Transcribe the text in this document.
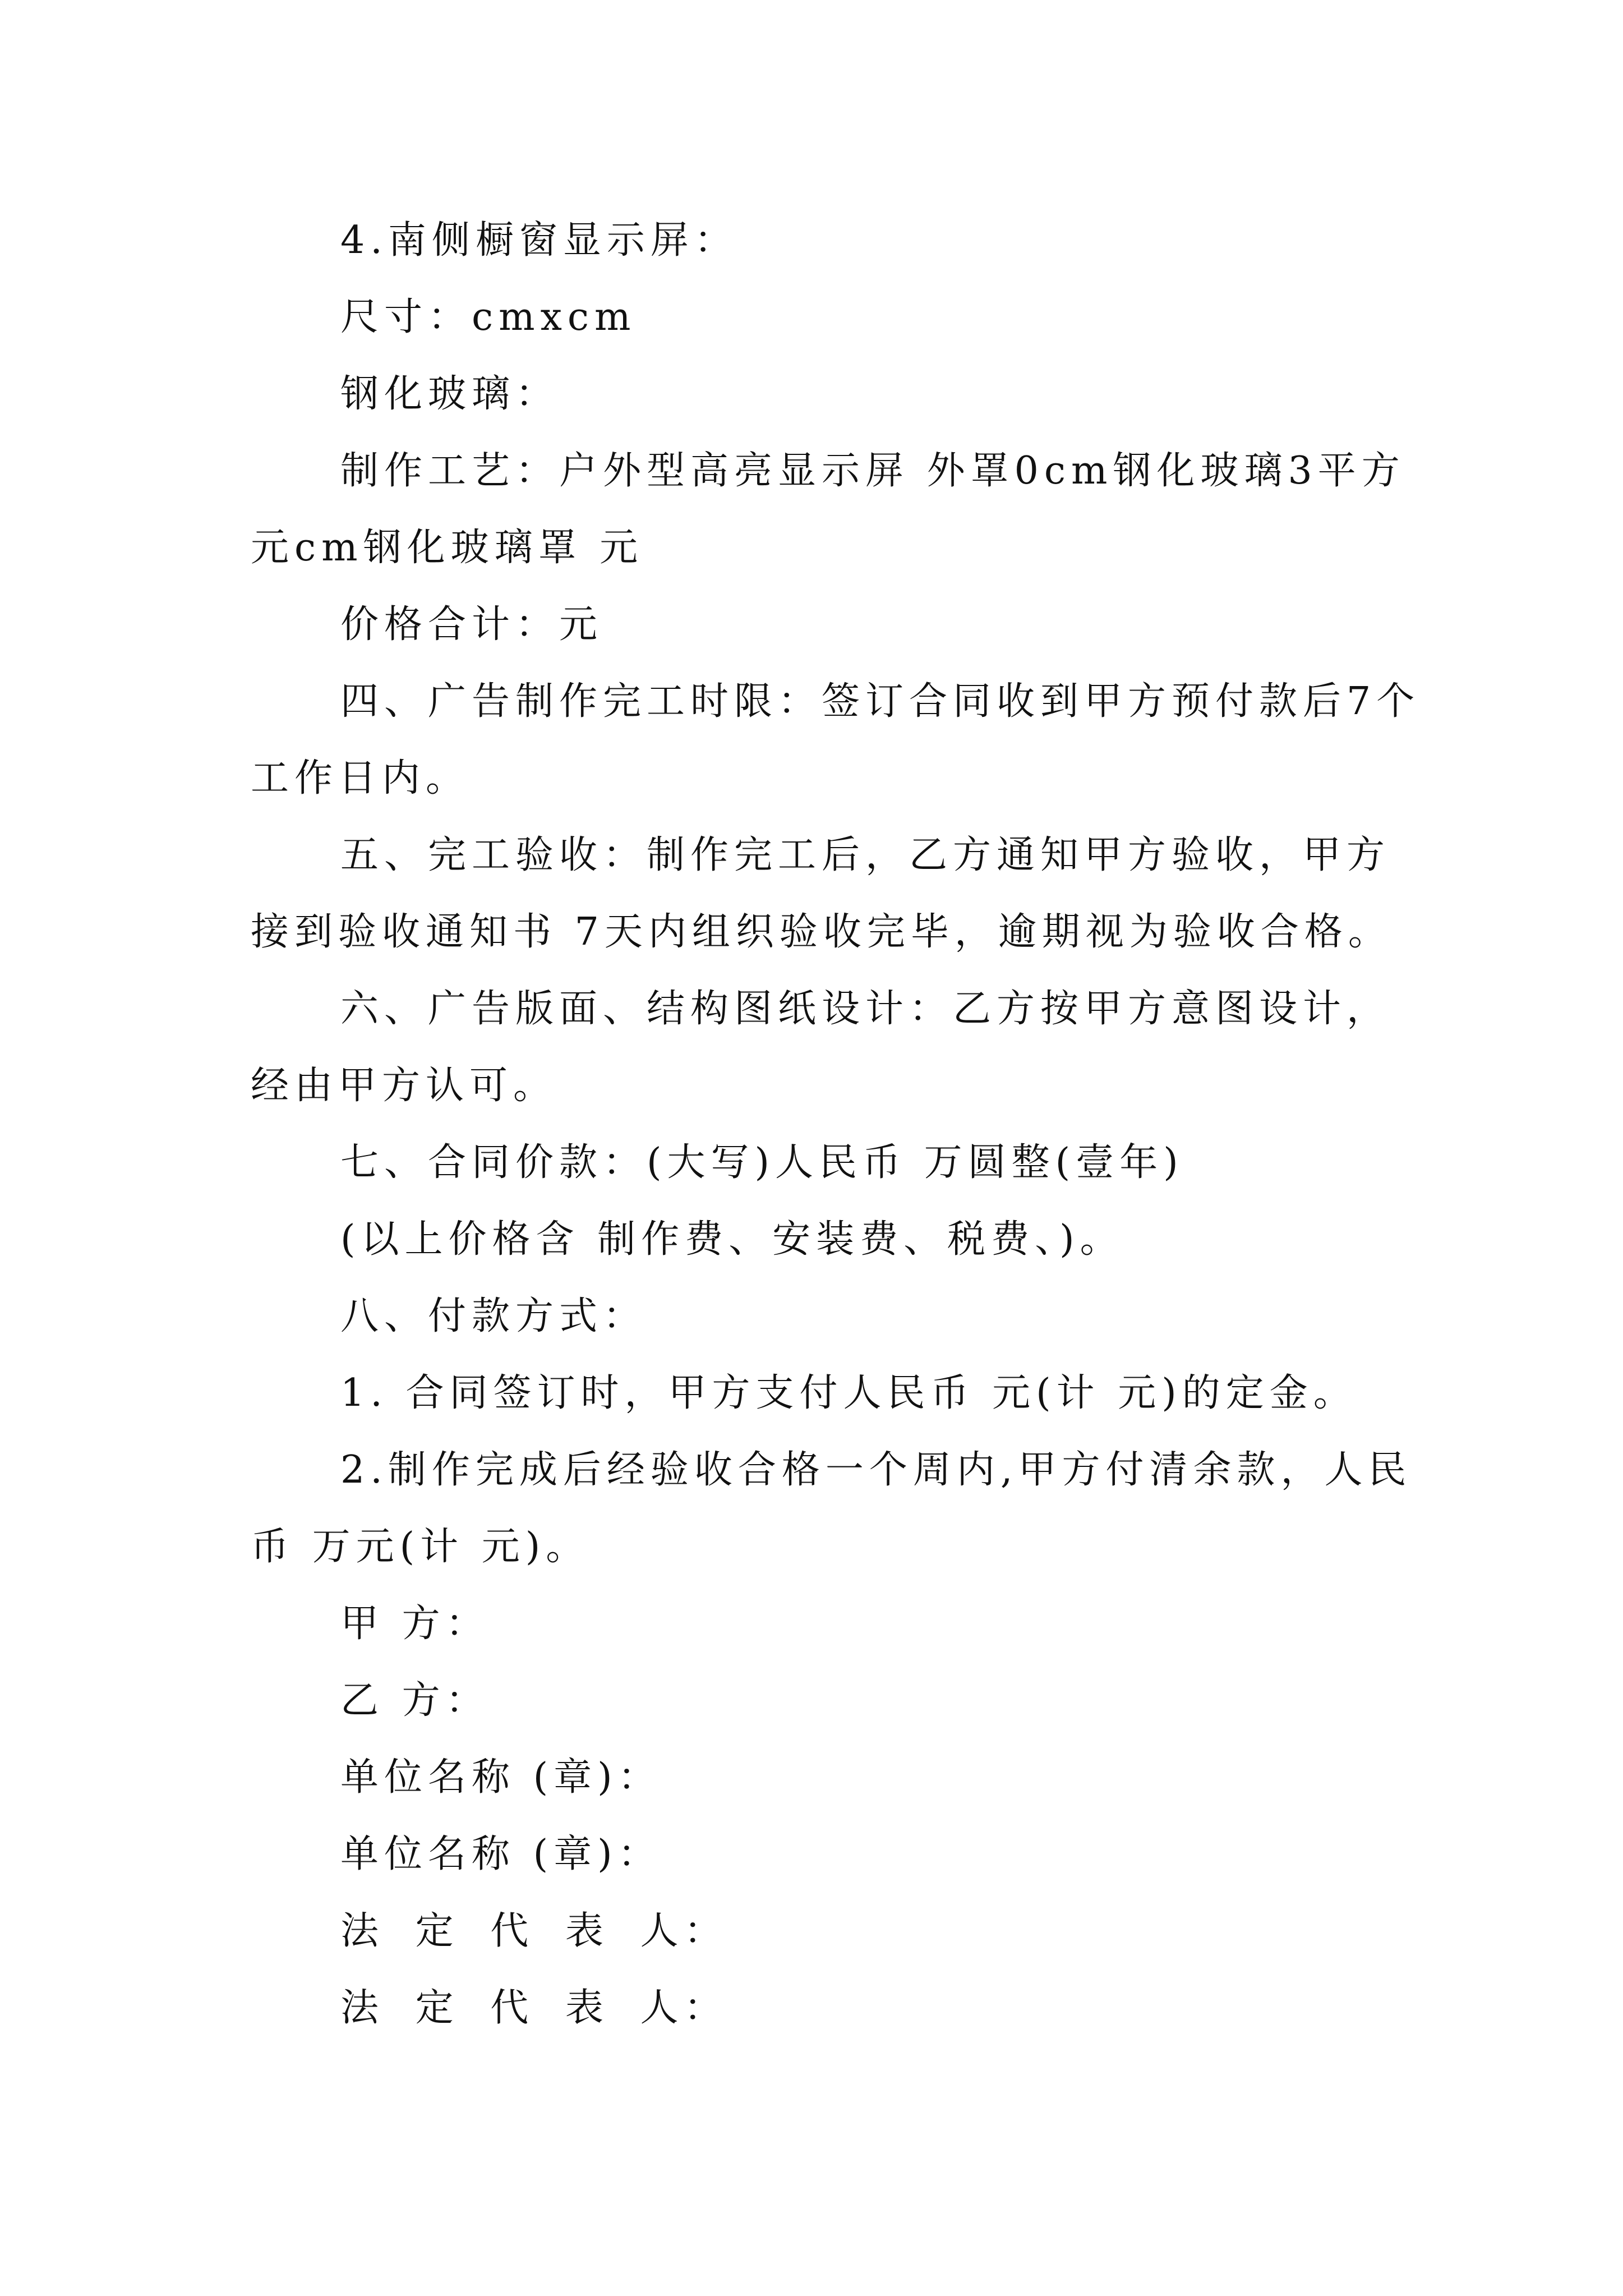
4.南侧橱窗显示屏：

尺寸：cmxcm

钢化玻璃：

制作工艺：户外型高亮显示屏 外罩0cm钢化玻璃3平方元cm钢化玻璃罩 元

价格合计：元

四、广告制作完工时限：签订合同收到甲方预付款后7个工作日内。

五、完工验收：制作完工后，乙方通知甲方验收，甲方接到验收通知书 7天内组织验收完毕，逾期视为验收合格。

六、广告版面、结构图纸设计：乙方按甲方意图设计，经由甲方认可。

七、合同价款：(大写)人民币 万圆整(壹年)

(以上价格含 制作费、安装费、税费、)。

八、付款方式：

1. 合同签订时，甲方支付人民币 元(计 元)的定金。

2.制作完成后经验收合格一个周内,甲方付清余款，人民币 万元(计 元)。

甲 方：

乙 方：

单位名称 (章)：

单位名称 (章)：

法 定 代 表 人：

法 定 代 表 人：
